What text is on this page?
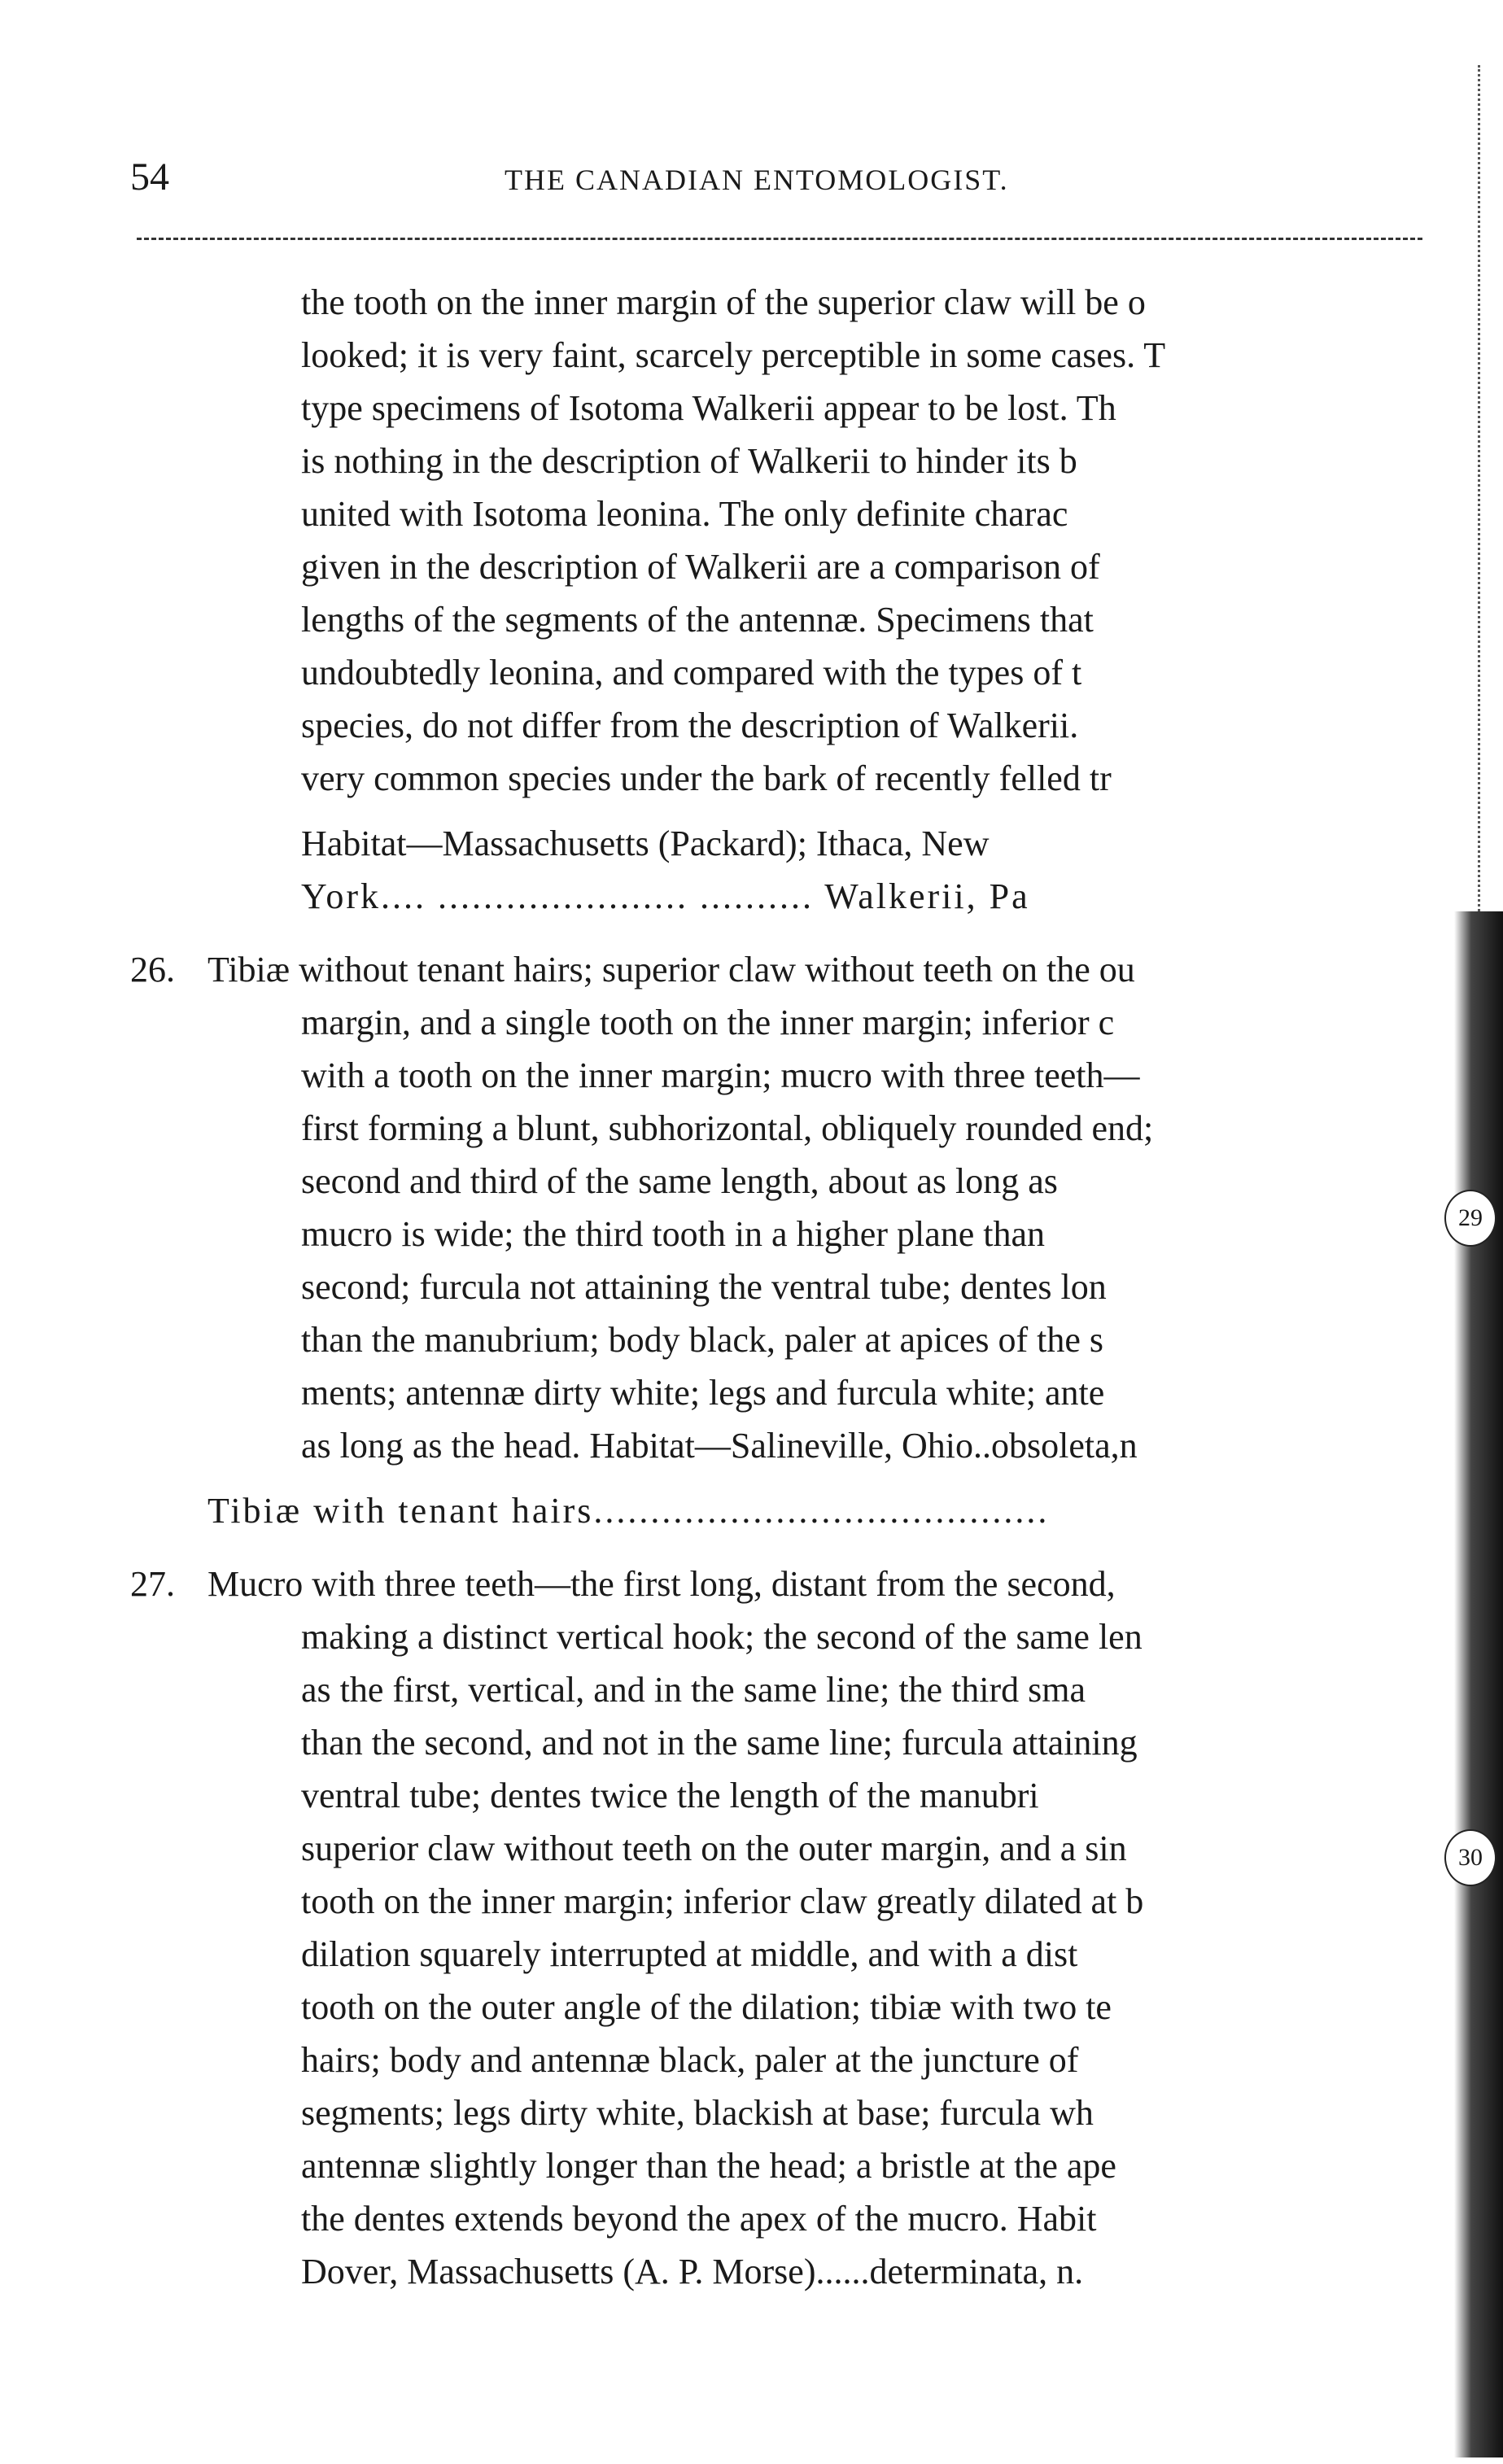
54	THE CANADIAN ENTOMOLOGIST.
29
30
the tooth on the inner margin of the superior claw will be o
looked; it is very faint, scarcely perceptible in some cases. T
type specimens of Isotoma Walkerii appear to be lost. Th
is nothing in the description of Walkerii to hinder its b
united with Isotoma leonina. The only definite charac
given in the description of Walkerii are a comparison of
lengths of the segments of the antennæ. Specimens that
undoubtedly leonina, and compared with the types of t
species, do not differ from the description of Walkerii.
very common species under the bark of recently felled tr
Habitat—Massachusetts (Packard); Ithaca, New
York.... ...................... .......... Walkerii, Pa
26. Tibiæ without tenant hairs; superior claw without teeth on the ou
margin, and a single tooth on the inner margin; inferior c
with a tooth on the inner margin; mucro with three teeth—
first forming a blunt, subhorizontal, obliquely rounded end;
second and third of the same length, about as long as
mucro is wide; the third tooth in a higher plane than
second; furcula not attaining the ventral tube; dentes lon
than the manubrium; body black, paler at apices of the s
ments; antennæ dirty white; legs and furcula white; ante
as long as the head. Habitat—Salineville, Ohio..obsoleta,n
Tibiæ with tenant hairs........................................
27. Mucro with three teeth—the first long, distant from the second,
making a distinct vertical hook; the second of the same len
as the first, vertical, and in the same line; the third sma
than the second, and not in the same line; furcula attaining
ventral tube; dentes twice the length of the manubri
superior claw without teeth on the outer margin, and a sin
tooth on the inner margin; inferior claw greatly dilated at b
dilation squarely interrupted at middle, and with a dist
tooth on the outer angle of the dilation; tibiæ with two te
hairs; body and antennæ black, paler at the juncture of
segments; legs dirty white, blackish at base; furcula wh
antennæ slightly longer than the head; a bristle at the ape
the dentes extends beyond the apex of the mucro. Habit
Dover, Massachusetts (A. P. Morse)......determinata, n.
